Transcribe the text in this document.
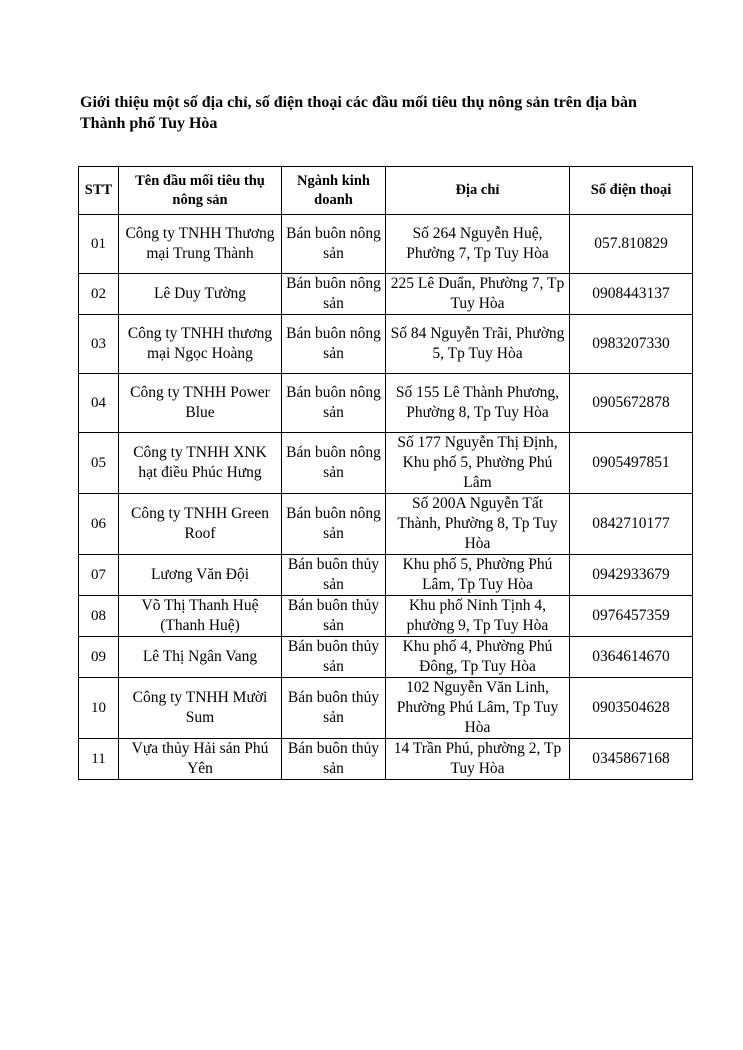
Giới thiệu một số địa chỉ, số điện thoại các đầu mối tiêu thụ nông sản trên địa bàn Thành phố Tuy Hòa

STT	Tên đầu mối tiêu thụ nông sản	Ngành kinh doanh	Địa chỉ	Số điện thoại
01	Công ty TNHH Thương mại Trung Thành	Bán buôn nông sản	Số 264 Nguyễn Huệ, Phường 7, Tp Tuy Hòa	057.810829
02	Lê Duy Tường	Bán buôn nông sản	225 Lê Duẩn, Phường 7, Tp Tuy Hòa	0908443137
03	Công ty TNHH thương mại Ngọc Hoàng	Bán buôn nông sản	Số 84 Nguyễn Trãi, Phường 5, Tp Tuy Hòa	0983207330
04	Công ty TNHH Power Blue	Bán buôn nông sản	Số 155 Lê Thành Phương, Phường 8, Tp Tuy Hòa	0905672878
05	Công ty TNHH XNK hạt điều Phúc Hưng	Bán buôn nông sản	Số 177 Nguyễn Thị Định, Khu phố 5, Phường Phú Lâm	0905497851
06	Công ty TNHH Green Roof	Bán buôn nông sản	Số 200A Nguyễn Tất Thành, Phường 8, Tp Tuy Hòa	0842710177
07	Lương Văn Đội	Bán buôn thủy sản	Khu phố 5, Phường Phú Lâm, Tp Tuy Hòa	0942933679
08	Võ Thị Thanh Huệ (Thanh Huệ)	Bán buôn thủy sản	Khu phố Ninh Tịnh 4, phường 9, Tp Tuy Hòa	0976457359
09	Lê Thị Ngân Vang	Bán buôn thủy sản	Khu phố 4, Phường Phú Đông, Tp Tuy Hòa	0364614670
10	Công ty TNHH Mười Sum	Bán buôn thủy sản	102 Nguyễn Văn Linh, Phường Phú Lâm, Tp Tuy Hòa	0903504628
11	Vựa thủy Hải sản Phú Yên	Bán buôn thủy sản	14 Trần Phú, phường 2, Tp Tuy Hòa	0345867168
